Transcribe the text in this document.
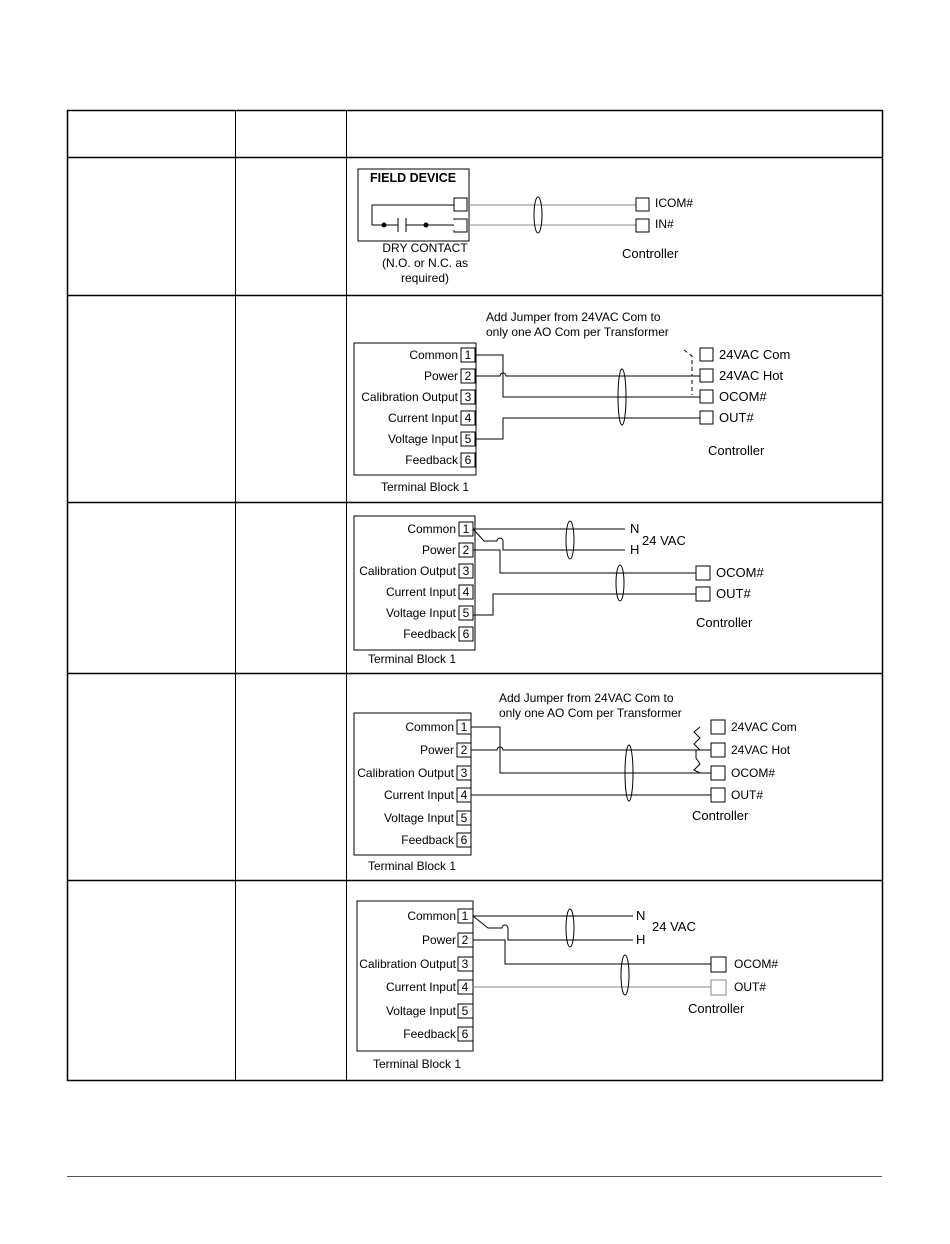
FIELD DEVICE
ICOM#
IN#
DRY CONTACT
(N.O. or N.C. as
required)
Controller
Add Jumper from 24VAC Com to
only one AO Com per Transformer
Common
Power
Calibration Output
Current Input
Voltage Input
Feedback
1
2
3
4
5
6
Terminal Block 1
24VAC Com
24VAC Hot
OCOM#
OUT#
Controller
Common
Power
Calibration Output
Current Input
Voltage Input
Feedback
1
2
3
4
5
6
Terminal Block 1
N
H
24 VAC
OCOM#
OUT#
Controller
Add Jumper from 24VAC Com to
only one AO Com per Transformer
Common
Power
Calibration Output
Current Input
Voltage Input
Feedback
1
2
3
4
5
6
Terminal Block 1
24VAC Com
24VAC Hot
OCOM#
OUT#
Controller
Common
Power
Calibration Output
Current Input
Voltage Input
Feedback
1
2
3
4
5
6
Terminal Block 1
N
H
24 VAC
OCOM#
OUT#
Controller
